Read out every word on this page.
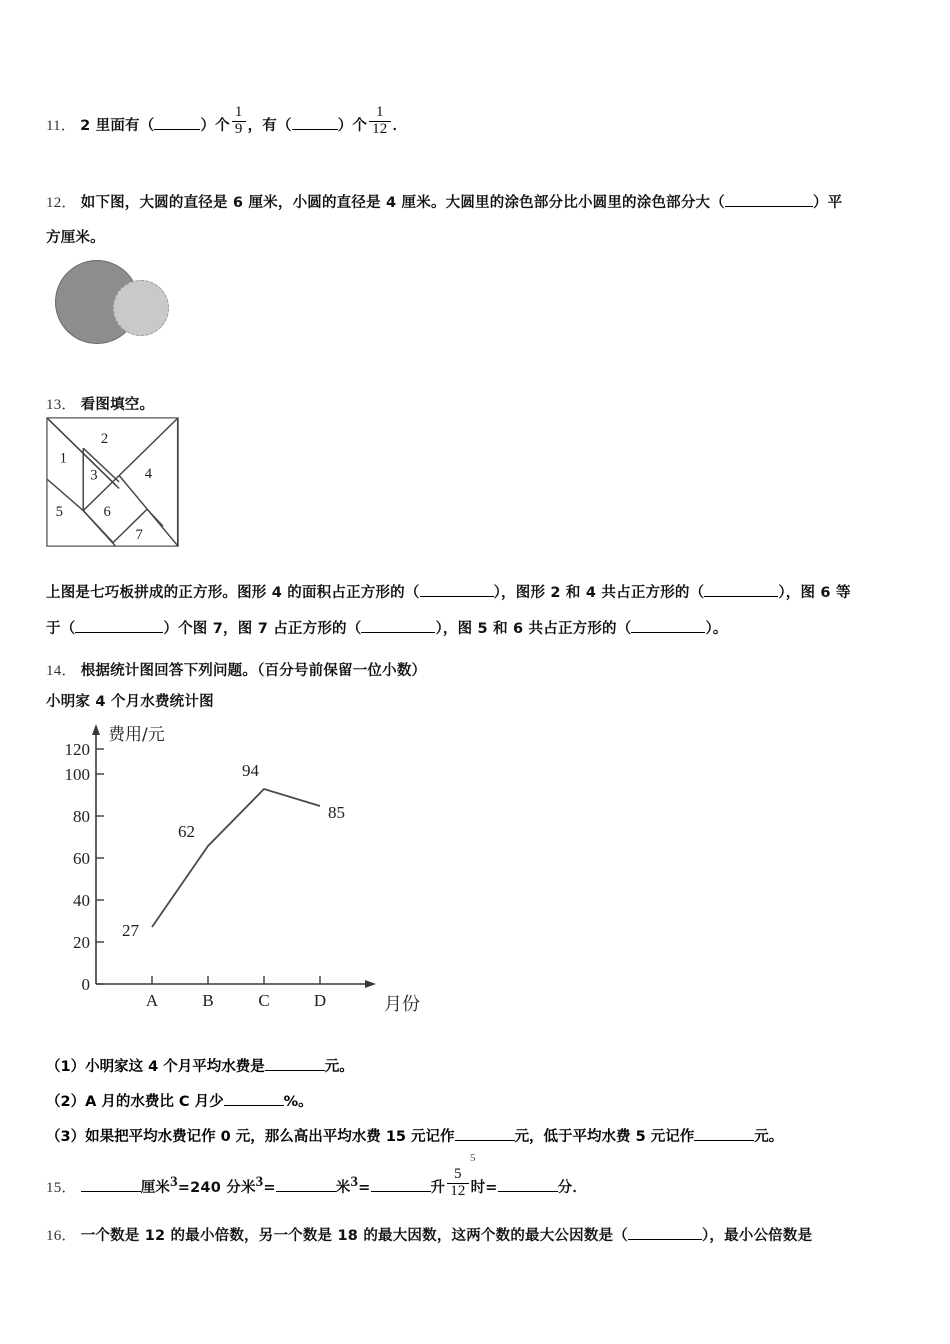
11． 2 里面有（	）个 $\frac{1}{9}$ ，有（	）个 $\frac{1}{12}$ ．
12． 如下图，大圆的直径是 6 厘米，小圆的直径是 4 厘米。大圆里的涂色部分比小圆里的涂色部分大（	）平
方厘米。
13． 看图填空。
1
2
3	4
5	6
7
上图是七巧板拼成的正方形。图形 4 的面积占正方形的（	），图形 2 和 4 共占正方形的（	），图 6 等
于（	）个图 7，图 7 占正方形的（	），图 5 和 6 共占正方形的（	）。
14． 根据统计图回答下列问题。（百分号前保留一位小数）
小明家 4 个月水费统计图
0
20
40
60
80
100
120
费用/元
A	B	C	D	月份
27
62
94
85
（1）小明家这 4 个月平均水费是	元。
（2）A 月的水费比 C 月少	%。
（3）如果把平均水费记作 0 元，那么高出平均水费 15 元记作	元，低于平均水费 5 元记作	元。
5
15．	厘米$^3$=240 分米$^3$=	米$^3$=	升 $\frac{5}{12}$ 时=	分．
16． 一个数是 12 的最小倍数，另一个数是 18 的最大因数，这两个数的最大公因数是（	），最小公倍数是
